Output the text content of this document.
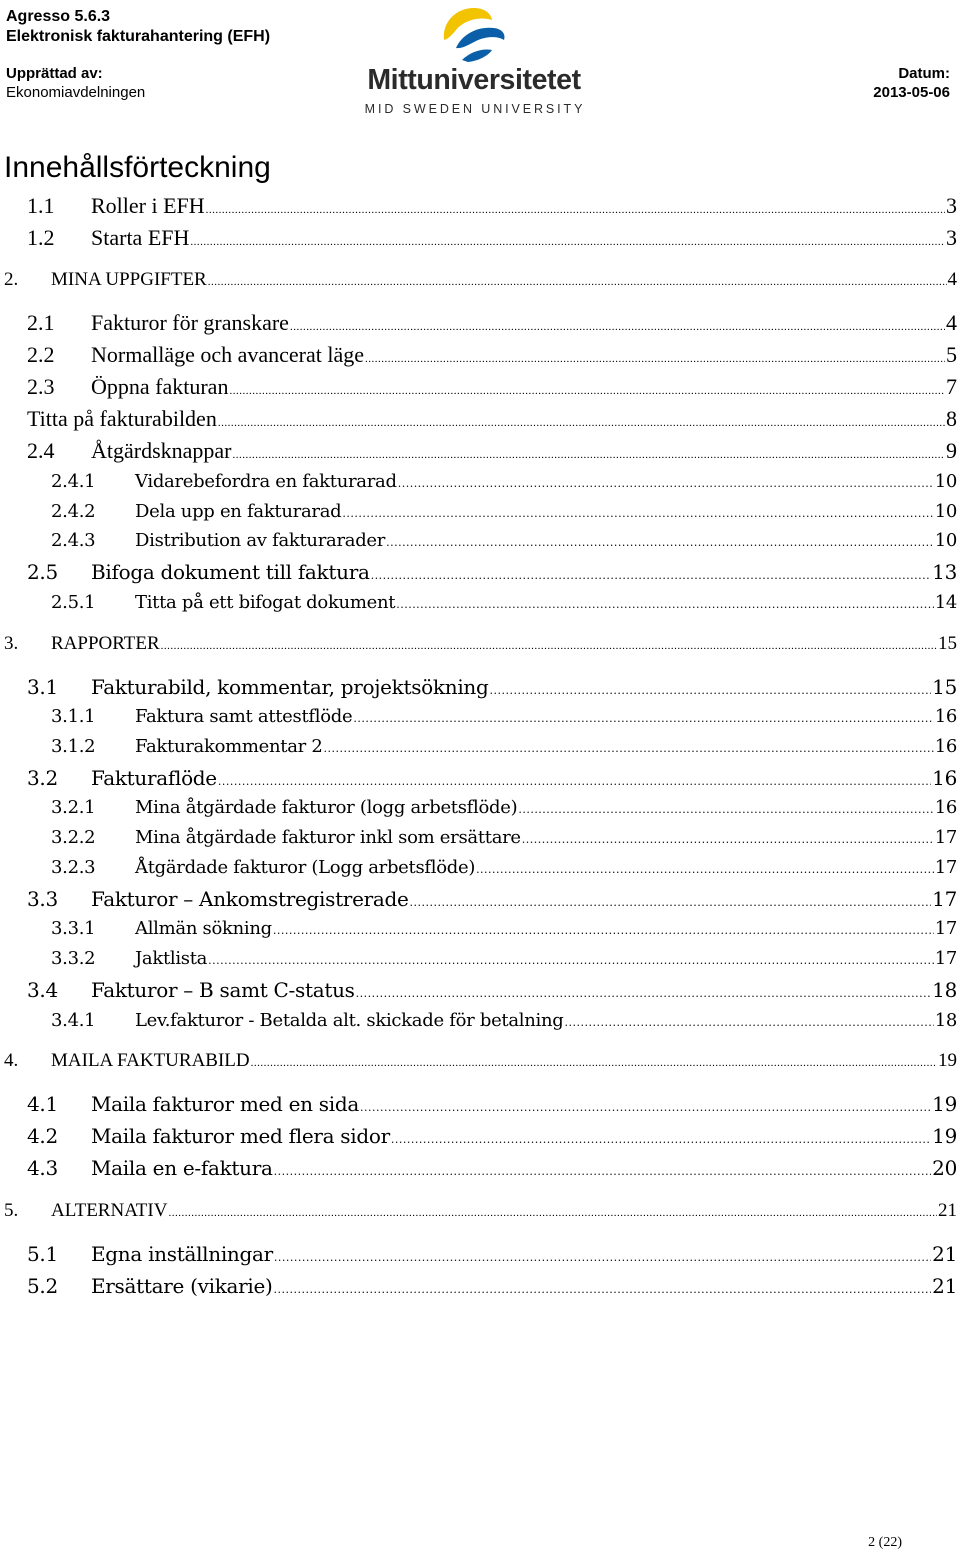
Agresso 5.6.3
Elektronisk fakturahantering (EFH)
Upprättad av:
Ekonomiavdelningen
Datum:
2013-05-06
Mittuniversitetet
MID SWEDEN UNIVERSITY
Innehållsförteckning
1.1	Roller i EFH .....	3
1.2	Starta EFH .....	3
2.	MINA UPPGIFTER .....	4
2.1	Fakturor för granskare .....	4
2.2	Normalläge och avancerat läge .....	5
2.3	Öppna fakturan .....	7
Titta på fakturabilden .....	8
2.4	Åtgärdsknappar .....	9
2.4.1	Vidarebefordra en fakturarad .....	10
2.4.2	Dela upp en fakturarad .....	10
2.4.3	Distribution av fakturarader .....	10
2.5	Bifoga dokument till faktura .....	13
2.5.1	Titta på ett bifogat dokument .....	14
3.	RAPPORTER .....	15
3.1	Fakturabild, kommentar, projektsökning .....	15
3.1.1	Faktura samt attestflöde .....	16
3.1.2	Fakturakommentar 2 .....	16
3.2	Fakturaflöde .....	16
3.2.1	Mina åtgärdade fakturor (logg arbetsflöde) .....	16
3.2.2	Mina åtgärdade fakturor inkl som ersättare .....	17
3.2.3	Åtgärdade fakturor (Logg arbetsflöde) .....	17
3.3	Fakturor – Ankomstregistrerade .....	17
3.3.1	Allmän sökning .....	17
3.3.2	Jaktlista .....	17
3.4	Fakturor – B samt C-status .....	18
3.4.1	Lev.fakturor - Betalda alt. skickade för betalning .....	18
4.	MAILA FAKTURABILD .....	19
4.1	Maila fakturor med en sida .....	19
4.2	Maila fakturor med flera sidor .....	19
4.3	Maila en e-faktura .....	20
5.	ALTERNATIV .....	21
5.1	Egna inställningar .....	21
5.2	Ersättare (vikarie) .....	21
2 (22)
